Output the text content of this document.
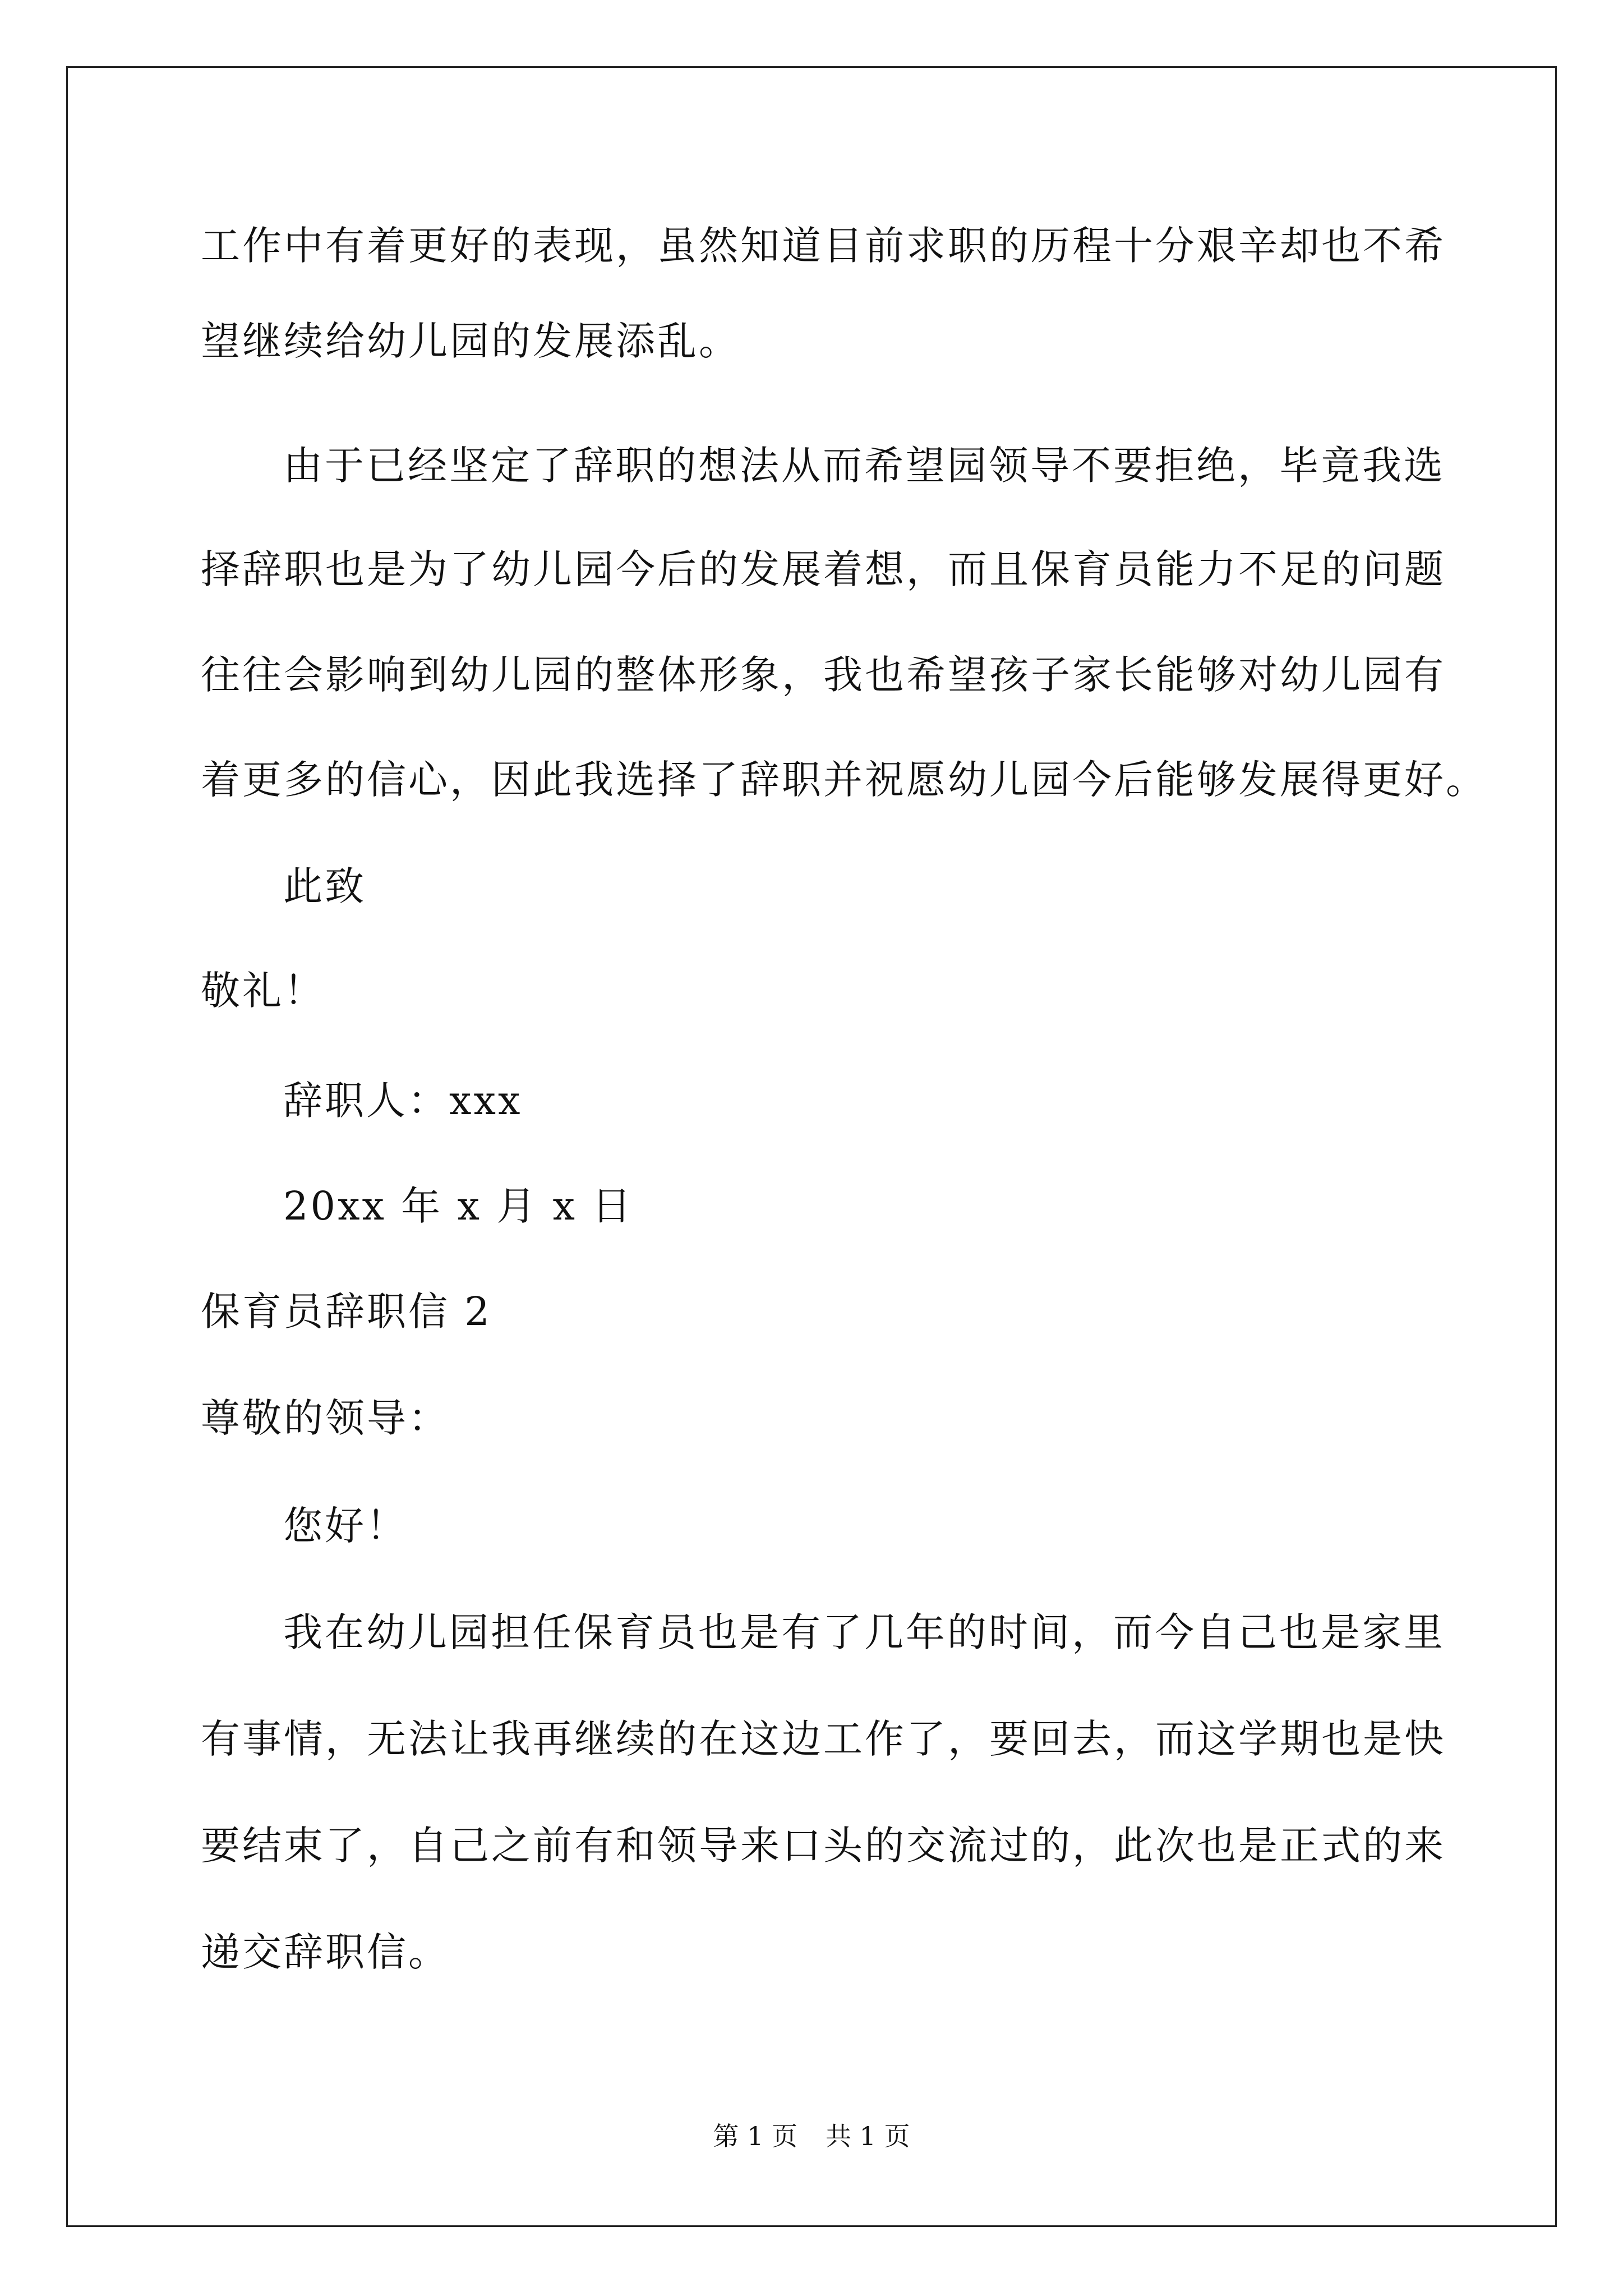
工作中有着更好的表现，虽然知道目前求职的历程十分艰辛却也不希
望继续给幼儿园的发展添乱。
由于已经坚定了辞职的想法从而希望园领导不要拒绝，毕竟我选
择辞职也是为了幼儿园今后的发展着想，而且保育员能力不足的问题
往往会影响到幼儿园的整体形象，我也希望孩子家长能够对幼儿园有
着更多的信心，因此我选择了辞职并祝愿幼儿园今后能够发展得更好。
此致
敬礼！
辞职人：xxx
20xx 年 x 月 x 日
保育员辞职信 2
尊敬的领导：
您好！
我在幼儿园担任保育员也是有了几年的时间，而今自己也是家里
有事情，无法让我再继续的在这边工作了，要回去，而这学期也是快
要结束了，自己之前有和领导来口头的交流过的，此次也是正式的来
递交辞职信。
第 1 页 共 1 页
